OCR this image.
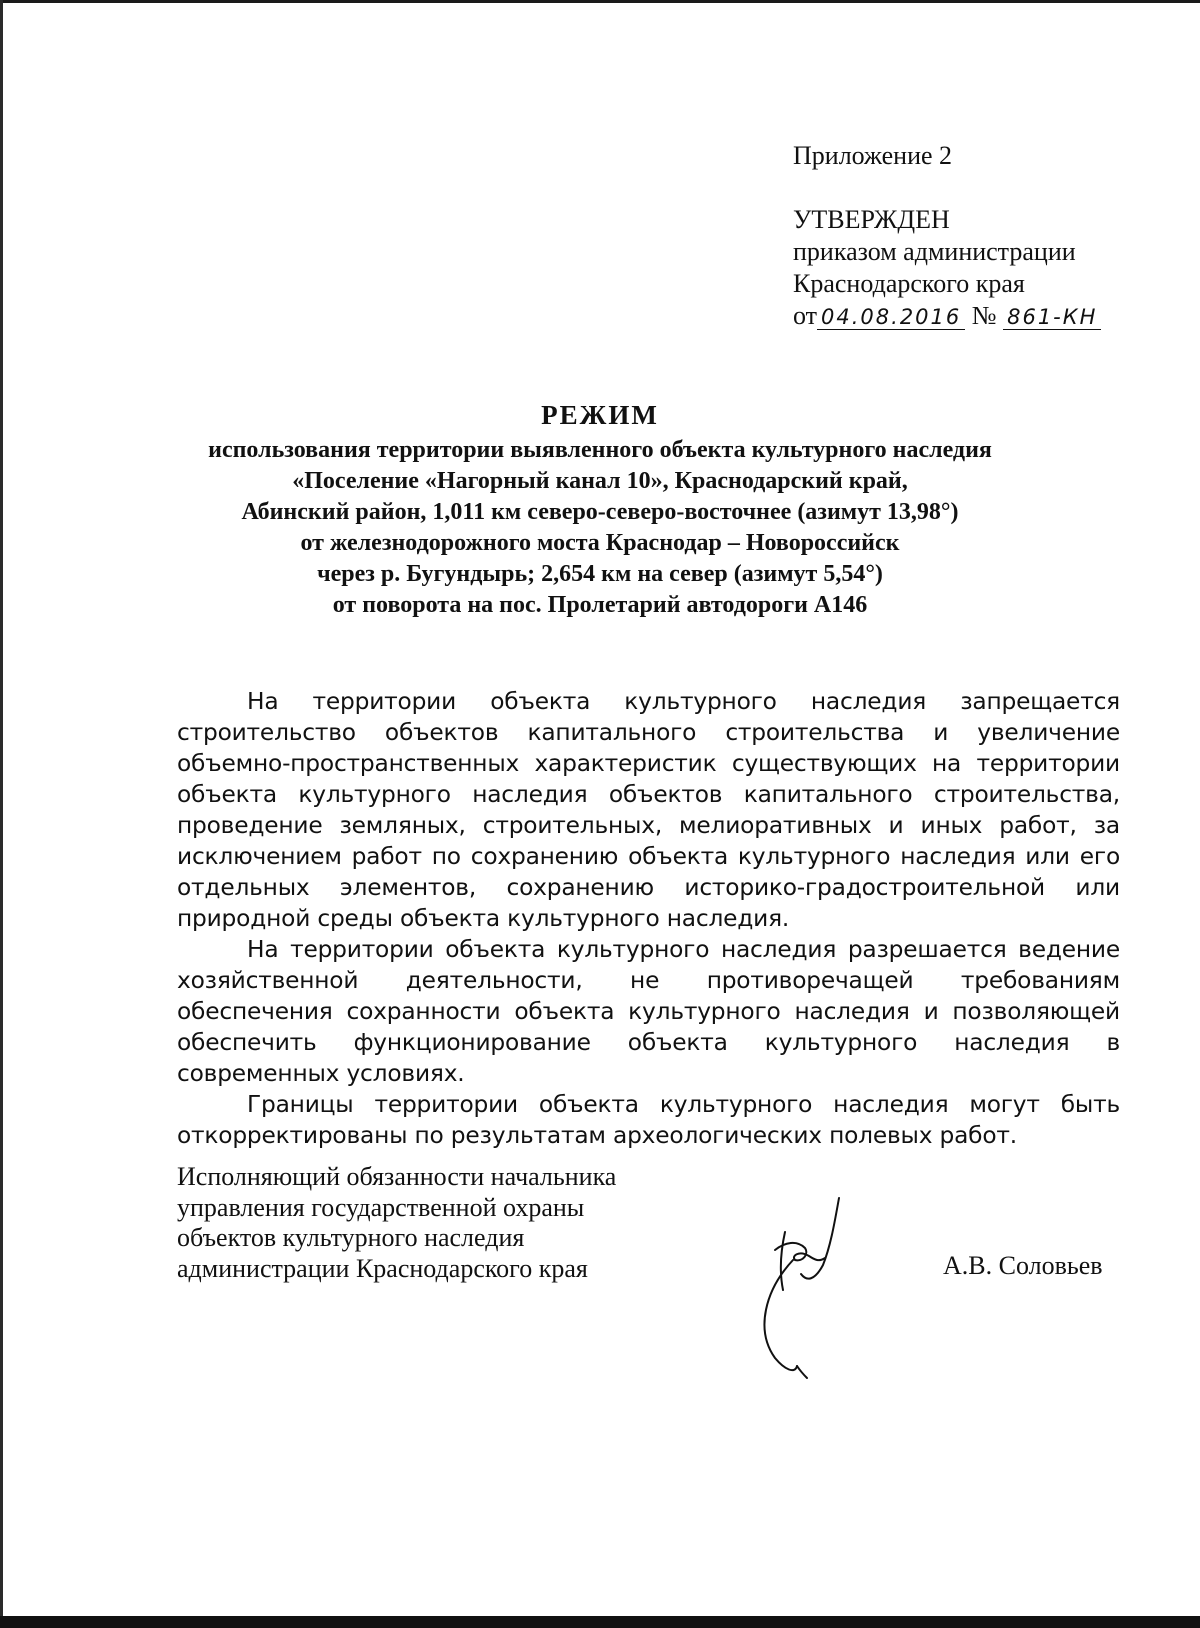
Приложение 2
УТВЕРЖДЕН
приказом администрации
Краснодарского края
от 04.08.2016 № 861-КН
РЕЖИМ
использования территории выявленного объекта культурного наследия
«Поселение «Нагорный канал 10», Краснодарский край,
Абинский район, 1,011 км северо-северо-восточнее (азимут 13,98°)
от железнодорожного моста Краснодар – Новороссийск
через р. Бугундырь; 2,654 км на север (азимут 5,54°)
от поворота на пос. Пролетарий автодороги А146

На территории объекта культурного наследия запрещается строительство объектов капитального строительства и увеличение объемно-пространственных характеристик существующих на территории объекта культурного наследия объектов капитального строительства, проведение земляных, строительных, мелиоративных и иных работ, за исключением работ по сохранению объекта культурного наследия или его отдельных элементов, сохранению историко-градостроительной или природной среды объекта культурного наследия.

На территории объекта культурного наследия разрешается ведение хозяйственной деятельности, не противоречащей требованиям обеспечения сохранности объекта культурного наследия и позволяющей обеспечить функционирование объекта культурного наследия в современных условиях.

Границы территории объекта культурного наследия могут быть откорректированы по результатам археологических полевых работ.

Исполняющий обязанности начальника
управления государственной охраны
объектов культурного наследия
администрации Краснодарского края	А.В. Соловьев
